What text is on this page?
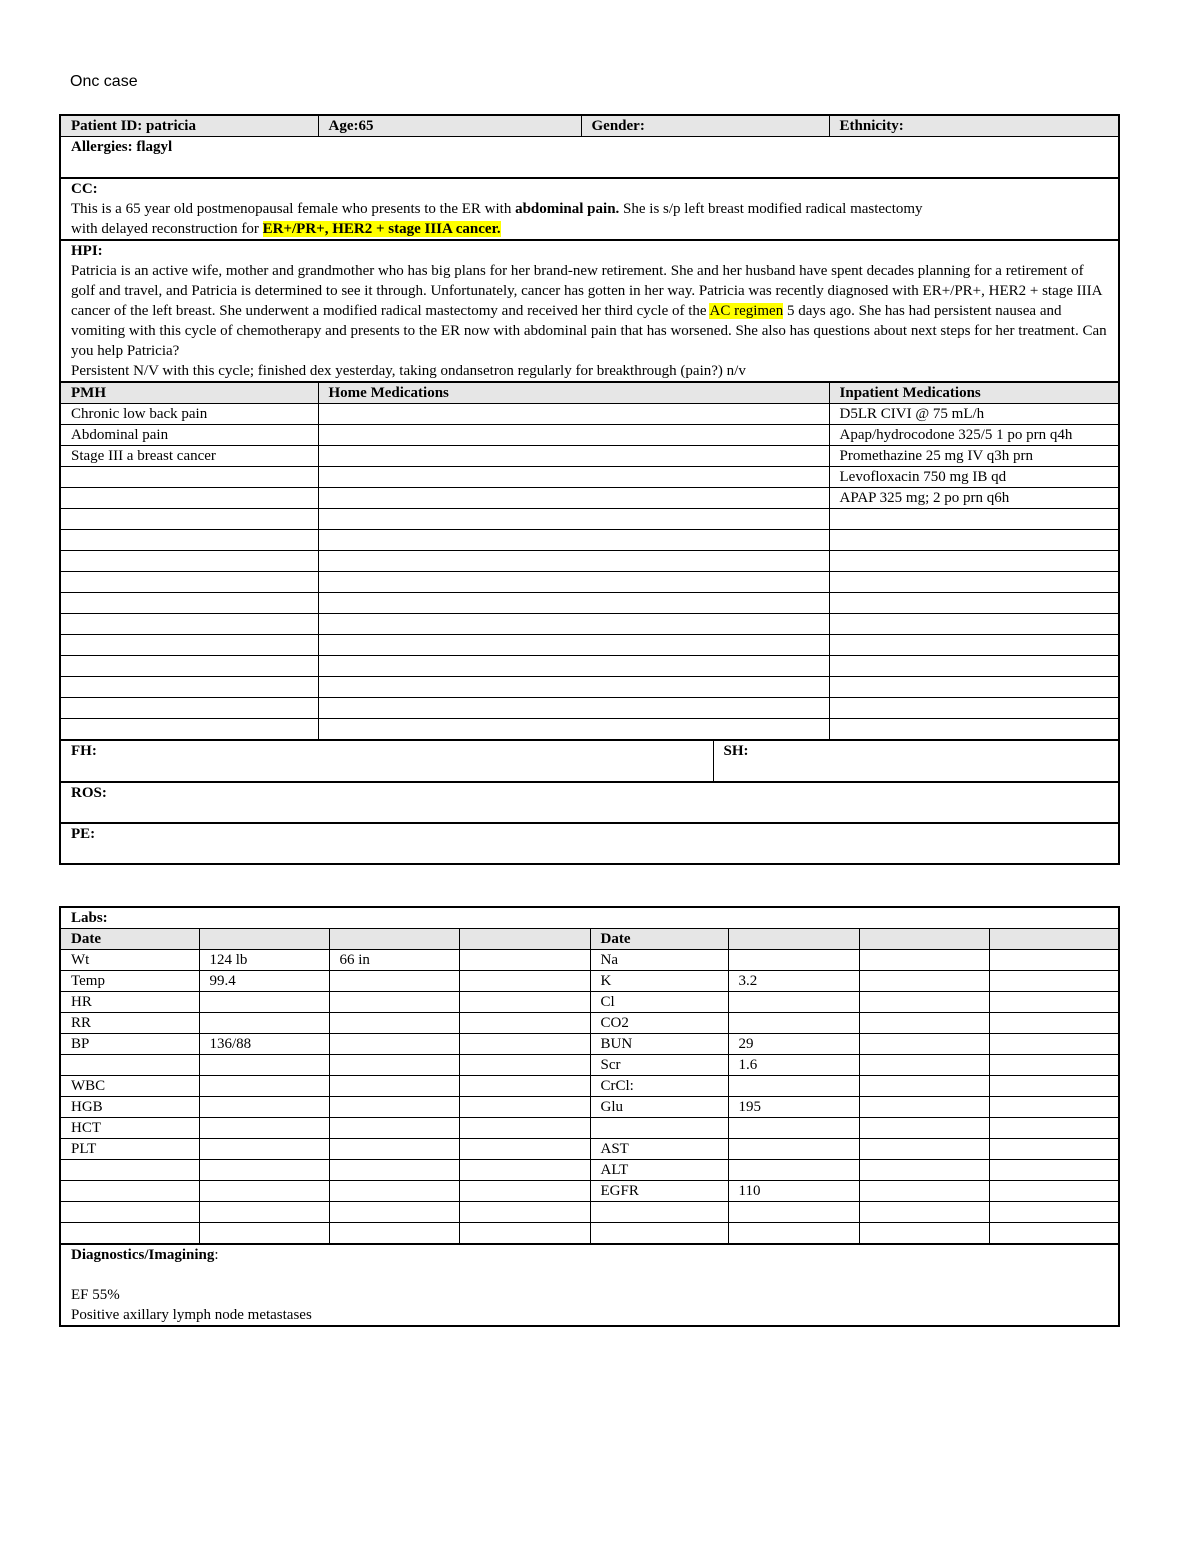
Onc case
Patient ID: patricia	Age:65	Gender:		Ethnicity:
Allergies: flagyl				

CC:
This is a 65 year old postmenopausal female who presents to the ER with abdominal pain. She is s/p left breast modified radical mastectomy
with delayed reconstruction for ER+/PR+, HER2 + stage IIIA cancer.				

HPI:
Patricia is an active wife, mother and grandmother who has big plans for her brand-new retirement. She and her husband have spent decades planning for a retirement of golf and travel, and Patricia is determined to see it through. Unfortunately, cancer has gotten in her way. Patricia was recently diagnosed with ER+/PR+, HER2 + stage IIIA cancer of the left breast. She underwent a modified radical mastectomy and received her third cycle of the AC regimen 5 days ago. She has had persistent nausea and vomiting with this cycle of chemotherapy and presents to the ER now with abdominal pain that has worsened. She also has questions about next steps for her treatment. Can you help Patricia?
Persistent N/V with this cycle; finished dex yesterday, taking ondansetron regularly for breakthrough (pain?) n/v				

PMH	Home Medications			Inpatient Medications
Chronic low back pain				D5LR CIVI @ 75 mL/h
Abdominal pain				Apap/hydrocodone 325/5 1 po prn q4h
Stage III a breast cancer				Promethazine 25 mg IV q3h prn
				Levofloxacin 750 mg IB qd
				APAP 325 mg; 2 po prn q6h

FH:			SH:	
ROS:				
PE:				
Labs:							
Date				Date			
Wt	124 lb	66 in		Na			
Temp	99.4			K	3.2		
HR				Cl			
RR				CO2			
BP	136/88			BUN	29		
				Scr	1.6		
WBC				CrCl:			
HGB				Glu	195		
HCT							
PLT				AST			
				ALT			
				EGFR	110		

Diagnostics/Imagining:
EF 55%
Positive axillary lymph node metastases							
